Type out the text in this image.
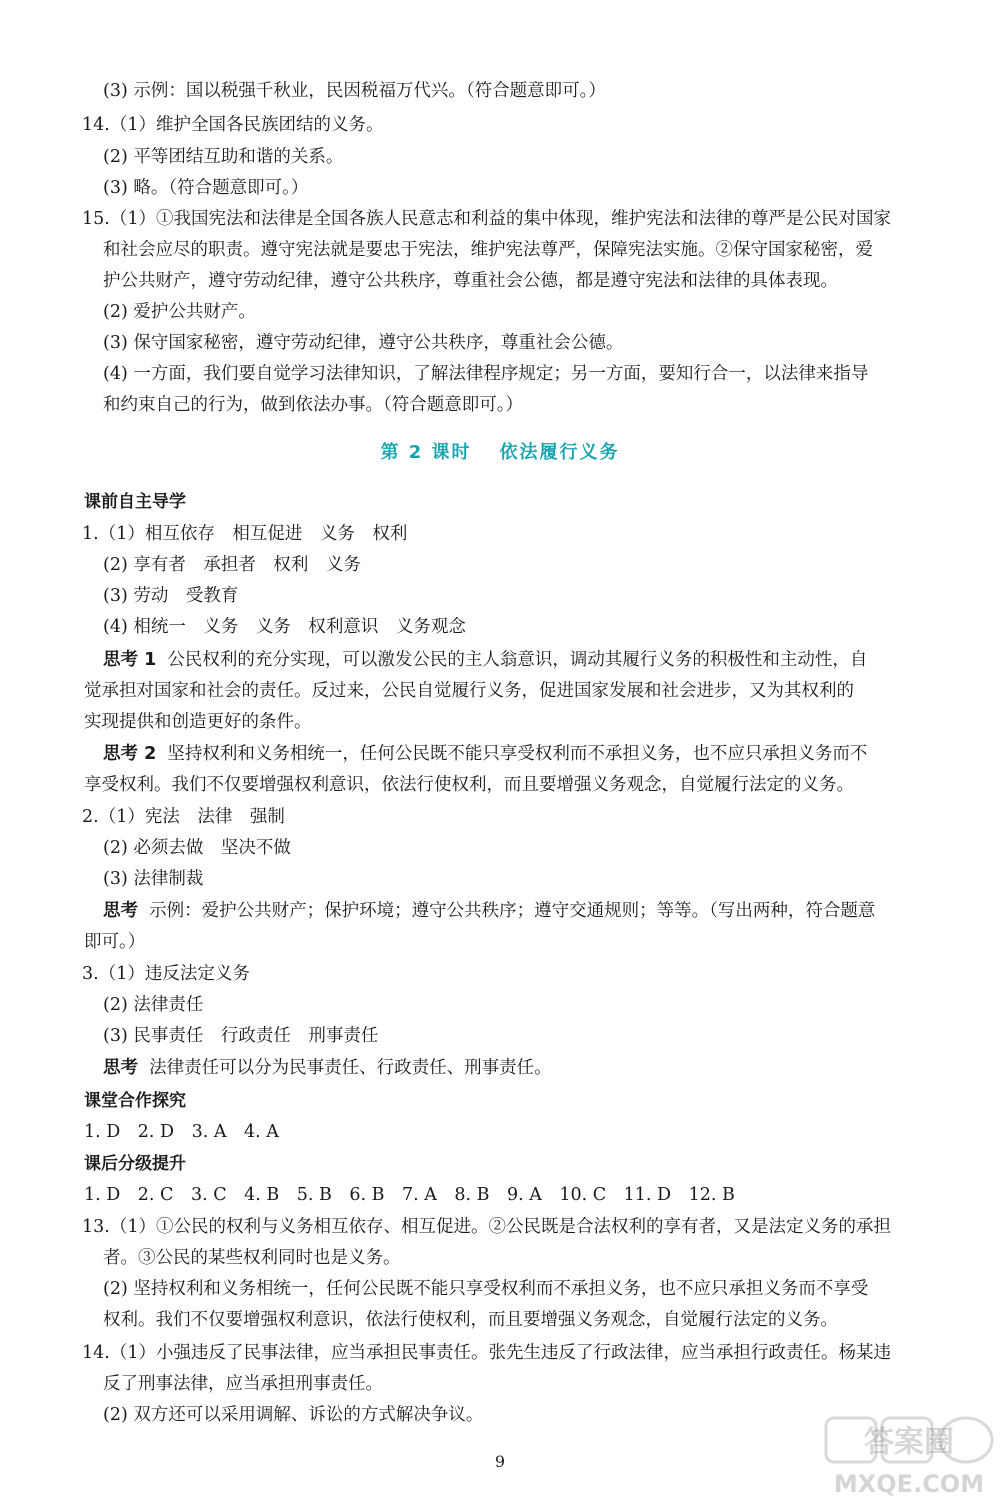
(3) 示例：国以税强千秋业，民因税福万代兴。（符合题意即可。）
14.（1）维护全国各民族团结的义务。
(2) 平等团结互助和谐的关系。
(3) 略。（符合题意即可。）
15.（1）①我国宪法和法律是全国各族人民意志和利益的集中体现，维护宪法和法律的尊严是公民对国家
和社会应尽的职责。遵守宪法就是要忠于宪法，维护宪法尊严，保障宪法实施。②保守国家秘密，爱
护公共财产，遵守劳动纪律，遵守公共秩序，尊重社会公德，都是遵守宪法和法律的具体表现。
(2) 爱护公共财产。
(3) 保守国家秘密，遵守劳动纪律，遵守公共秩序，尊重社会公德。
(4) 一方面，我们要自觉学习法律知识，了解法律程序规定；另一方面，要知行合一，以法律来指导
和约束自己的行为，做到依法办事。（符合题意即可。）
第 2 课时 依法履行义务
课前自主导学
1.（1）相互依存　相互促进　义务　权利
(2) 享有者　承担者　权利　义务
(3) 劳动　受教育
(4) 相统一　义务　义务　权利意识　义务观念
思考 1 公民权利的充分实现，可以激发公民的主人翁意识，调动其履行义务的积极性和主动性，自
觉承担对国家和社会的责任。反过来，公民自觉履行义务，促进国家发展和社会进步，又为其权利的
实现提供和创造更好的条件。
思考 2 坚持权利和义务相统一，任何公民既不能只享受权利而不承担义务，也不应只承担义务而不
享受权利。我们不仅要增强权利意识，依法行使权利，而且要增强义务观念，自觉履行法定的义务。
2.（1）宪法　法律　强制
(2) 必须去做　坚决不做
(3) 法律制裁
思考 示例：爱护公共财产；保护环境；遵守公共秩序；遵守交通规则；等等。（写出两种，符合题意
即可。）
3.（1）违反法定义务
(2) 法律责任
(3) 民事责任　行政责任　刑事责任
思考 法律责任可以分为民事责任、行政责任、刑事责任。
课堂合作探究
1. D　2. D　3. A　4. A
课后分级提升
1. D　2. C　3. C　4. B　5. B　6. B　7. A　8. B　9. A　10. C　11. D　12. B
13.（1）①公民的权利与义务相互依存、相互促进。②公民既是合法权利的享有者，又是法定义务的承担
者。③公民的某些权利同时也是义务。
(2) 坚持权利和义务相统一，任何公民既不能只享受权利而不承担义务，也不应只承担义务而不享受
权利。我们不仅要增强权利意识，依法行使权利，而且要增强义务观念，自觉履行法定的义务。
14.（1）小强违反了民事法律，应当承担民事责任。张先生违反了行政法律，应当承担行政责任。杨某违
反了刑事法律，应当承担刑事责任。
(2) 双方还可以采用调解、诉讼的方式解决争议。
9
答案圈
MXQE.COM
